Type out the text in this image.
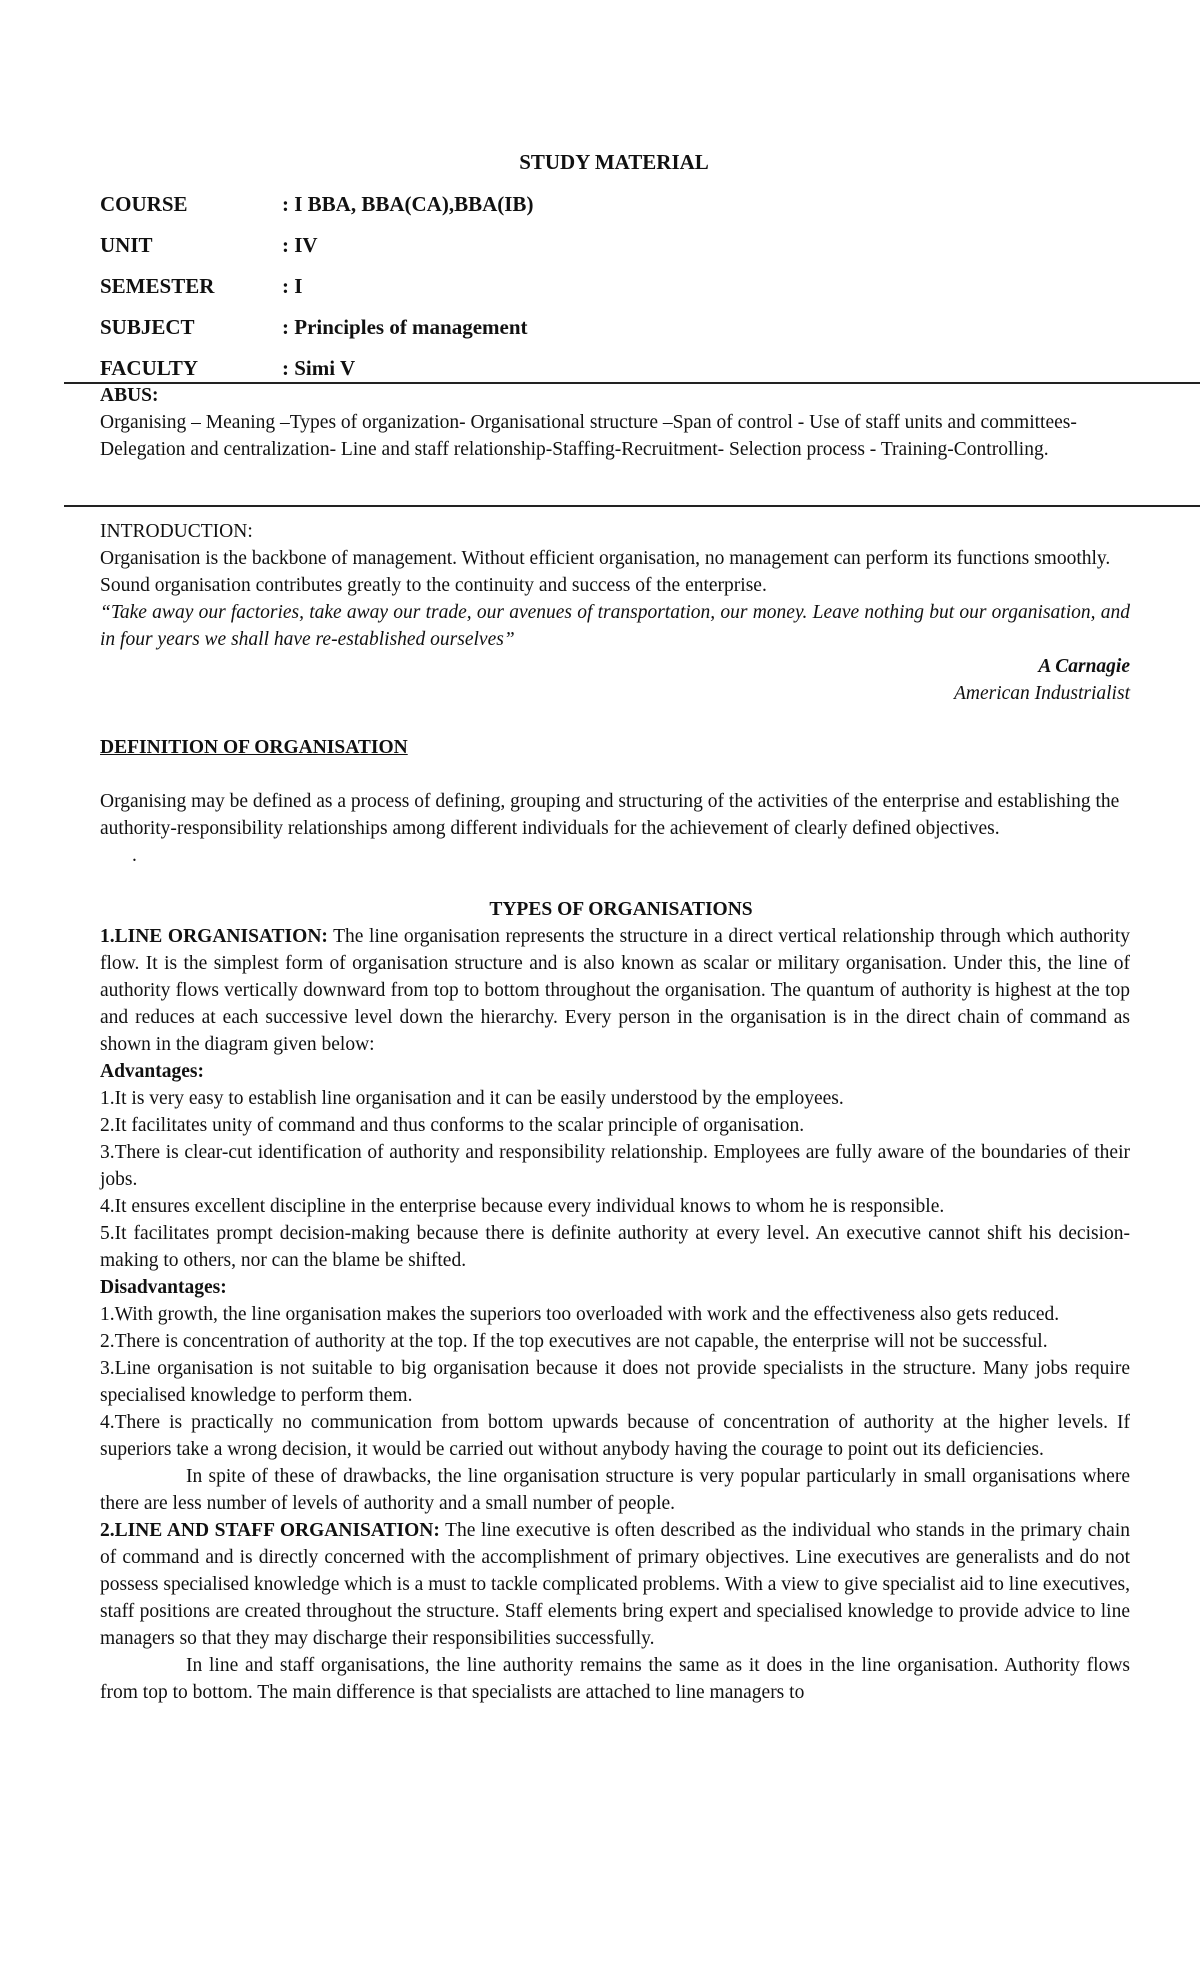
STUDY MATERIAL
COURSE	: I BBA, BBA(CA),BBA(IB)
UNIT	: IV
SEMESTER	: I
SUBJECT	: Principles of management
FACULTY	: Simi V

ABUS:

Organising – Meaning –Types of organization- Organisational structure –Span of control - Use of staff units and committees- Delegation and centralization- Line and staff relationship-Staffing-Recruitment- Selection process - Training-Controlling.

INTRODUCTION:

Organisation is the backbone of management. Without efficient organisation, no management can perform its functions smoothly. Sound organisation contributes greatly to the continuity and success of the enterprise.

“Take away our factories, take away our trade, our avenues of transportation, our money. Leave nothing but our organisation, and in four years we shall have re-established ourselves”

A Carnagie

American Industrialist

DEFINITION OF ORGANISATION

Organising may be defined as a process of defining, grouping and structuring of the activities of the enterprise and establishing the authority-responsibility relationships among different individuals for the achievement of clearly defined objectives.

.

TYPES OF ORGANISATIONS

1.LINE ORGANISATION: The line organisation represents the structure in a direct vertical relationship through which authority flow. It is the simplest form of organisation structure and is also known as scalar or military organisation. Under this, the line of authority flows vertically downward from top to bottom throughout the organisation. The quantum of authority is highest at the top and reduces at each successive level down the hierarchy. Every person in the organisation is in the direct chain of command as shown in the diagram given below:

Advantages:

1.It is very easy to establish line organisation and it can be easily understood by the employees.

2.It facilitates unity of command and thus conforms to the scalar principle of organisation.

3.There is clear-cut identification of authority and responsibility relationship. Employees are fully aware of the boundaries of their jobs.

4.It ensures excellent discipline in the enterprise because every individual knows to whom he is responsible.

5.It facilitates prompt decision-making because there is definite authority at every level. An executive cannot shift his decision-making to others, nor can the blame be shifted.

Disadvantages:

1.With growth, the line organisation makes the superiors too overloaded with work and the effectiveness also gets reduced.

2.There is concentration of authority at the top. If the top executives are not capable, the enterprise will not be successful.

3.Line organisation is not suitable to big organisation because it does not provide specialists in the structure. Many jobs require specialised knowledge to perform them.

4.There is practically no communication from bottom upwards because of concentration of authority at the higher levels. If superiors take a wrong decision, it would be carried out without anybody having the courage to point out its deficiencies.

In spite of these of drawbacks, the line organisation structure is very popular particularly in small organisations where there are less number of levels of authority and a small number of people.

2.LINE AND STAFF ORGANISATION: The line executive is often described as the individual who stands in the primary chain of command and is directly concerned with the accomplishment of primary objectives. Line executives are generalists and do not possess specialised knowledge which is a must to tackle complicated problems. With a view to give specialist aid to line executives, staff positions are created throughout the structure. Staff elements bring expert and specialised knowledge to provide advice to line managers so that they may discharge their responsibilities successfully.

In line and staff organisations, the line authority remains the same as it does in the line organisation. Authority flows from top to bottom. The main difference is that specialists are attached to line managers to
